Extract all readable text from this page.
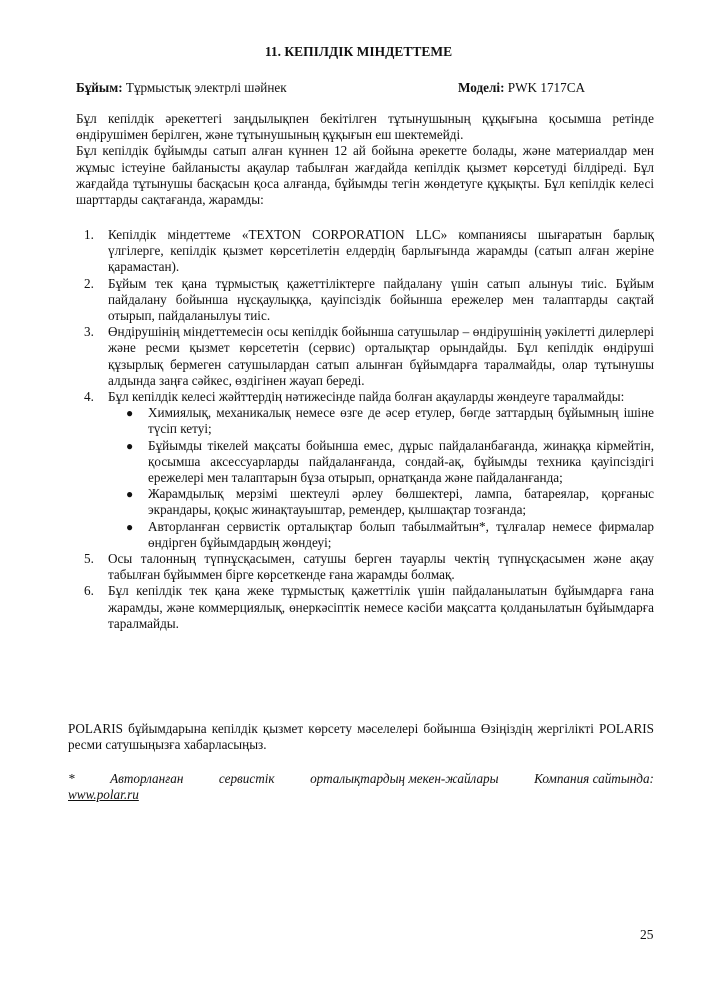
11. КЕПІЛДІК МІНДЕТТЕМЕ
Бұйым: Тұрмыстық электрлі шәйнек	Моделі: PWK 1717CA

Бұл кепілдік әрекеттегі заңдылықпен бекітілген тұтынушының құқығына қосымша ретінде өндірушімен берілген, және тұтынушының құқығын еш шектемейді.

Бұл кепілдік бұйымды сатып алған күннен 12 ай бойына әрекетте болады, және материалдар мен жұмыс істеуіне байланысты ақаулар табылған жағдайда кепілдік қызмет көрсетуді білдіреді. Бұл жағдайда тұтынушы басқасын қоса алғанда, бұйымды тегін жөндетуге құқықты. Бұл кепілдік келесі шарттарды сақтағанда, жарамды:

1. Кепілдік міндеттеме «TEXTON CORPORATION LLC» компаниясы шығаратын барлық үлгілерге, кепілдік қызмет көрсетілетін елдердің барлығында жарамды (сатып алған жеріне қарамастан).
2. Бұйым тек қана тұрмыстық қажеттіліктерге пайдалану үшін сатып алынуы тиіс. Бұйым пайдалану бойынша нұсқаулыққа, қауіпсіздік бойынша ережелер мен талаптарды сақтай отырып, пайдаланылуы тиіс.
3. Өндірушінің міндеттемесін осы кепілдік бойынша сатушылар – өндірушінің уәкілетті дилерлері және ресми қызмет көрсететін (сервис) орталықтар орындайды. Бұл кепілдік өндіруші құзырлық бермеген сатушылардан сатып алынған бұйымдарға таралмайды, олар тұтынушы алдында заңға сәйкес, өздігінен жауап береді.
4. Бұл кепілдік келесі жәйттердің нәтижесінде пайда болған ақауларды жөндеуге таралмайды:
● Химиялық, механикалық немесе өзге де әсер етулер, бөгде заттардың бұйымның ішіне түсіп кетуі;
● Бұйымды тікелей мақсаты бойынша емес, дұрыс пайдаланбағанда, жинаққа кірмейтін, қосымша аксессуарларды пайдаланғанда, сондай-ақ, бұйымды техника қауіпсіздігі ережелері мен талаптарын бұза отырып, орнатқанда және пайдаланғанда;
● Жарамдылық мерзімі шектеулі әрлеу бөлшектері, лампа, батареялар, қорғаныс экрандары, қоқыс жинақтауыштар, ремендер, қылшақтар тозғанда;
● Авторланған сервистік орталықтар болып табылмайтын*, тұлғалар немесе фирмалар өндірген бұйымдардың жөндеуі;
5. Осы талонның түпнұсқасымен, сатушы берген тауарлы чектің түпнұсқасымен және ақау табылған бұйыммен бірге көрсеткенде ғана жарамды болмақ.
6. Бұл кепілдік тек қана жеке тұрмыстық қажеттілік үшін пайдаланылатын бұйымдарға ғана жарамды, және коммерциялық, өнеркәсіптік немесе кәсіби мақсатта қолданылатын бұйымдарға таралмайды.

POLARIS бұйымдарына кепілдік қызмет көрсету мәселелері бойынша Өзіңіздің жергілікті POLARIS ресми сатушыңызға хабарласыңыз.

*	Авторланған	сервистік	орталықтардың мекен-жайлары	Компания сайтында:
www.polar.ru
25
